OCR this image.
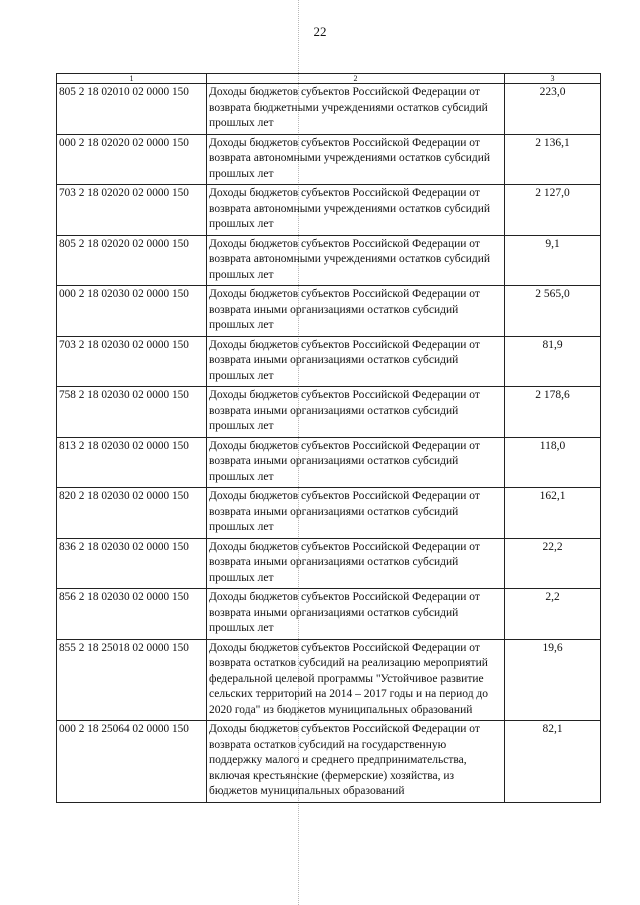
22
1	2	3
805 2 18 02010 02 0000 150	Доходы бюджетов субъектов Российской Федерации от возврата бюджетными учреждениями остатков субсидий прошлых лет	223,0
000 2 18 02020 02 0000 150	Доходы бюджетов субъектов Российской Федерации от возврата автономными учреждениями остатков субсидий прошлых лет	2 136,1
703 2 18 02020 02 0000 150	Доходы бюджетов субъектов Российской Федерации от возврата автономными учреждениями остатков субсидий прошлых лет	2 127,0
805 2 18 02020 02 0000 150	Доходы бюджетов субъектов Российской Федерации от возврата автономными учреждениями остатков субсидий прошлых лет	9,1
000 2 18 02030 02 0000 150	Доходы бюджетов субъектов Российской Федерации от возврата иными организациями остатков субсидий прошлых лет	2 565,0
703 2 18 02030 02 0000 150	Доходы бюджетов субъектов Российской Федерации от возврата иными организациями остатков субсидий прошлых лет	81,9
758 2 18 02030 02 0000 150	Доходы бюджетов субъектов Российской Федерации от возврата иными организациями остатков субсидий прошлых лет	2 178,6
813 2 18 02030 02 0000 150	Доходы бюджетов субъектов Российской Федерации от возврата иными организациями остатков субсидий прошлых лет	118,0
820 2 18 02030 02 0000 150	Доходы бюджетов субъектов Российской Федерации от возврата иными организациями остатков субсидий прошлых лет	162,1
836 2 18 02030 02 0000 150	Доходы бюджетов субъектов Российской Федерации от возврата иными организациями остатков субсидий прошлых лет	22,2
856 2 18 02030 02 0000 150	Доходы бюджетов субъектов Российской Федерации от возврата иными организациями остатков субсидий прошлых лет	2,2
855 2 18 25018 02 0000 150	Доходы бюджетов субъектов Российской Федерации от возврата остатков субсидий на реализацию мероприятий федеральной целевой программы "Устойчивое развитие сельских территорий на 2014 – 2017 годы и на период до 2020 года" из бюджетов муниципальных образований	19,6
000 2 18 25064 02 0000 150	Доходы бюджетов субъектов Российской Федерации от возврата остатков субсидий на государственную поддержку малого и среднего предпринимательства, включая крестьянские (фермерские) хозяйства, из бюджетов муниципальных образований	82,1
